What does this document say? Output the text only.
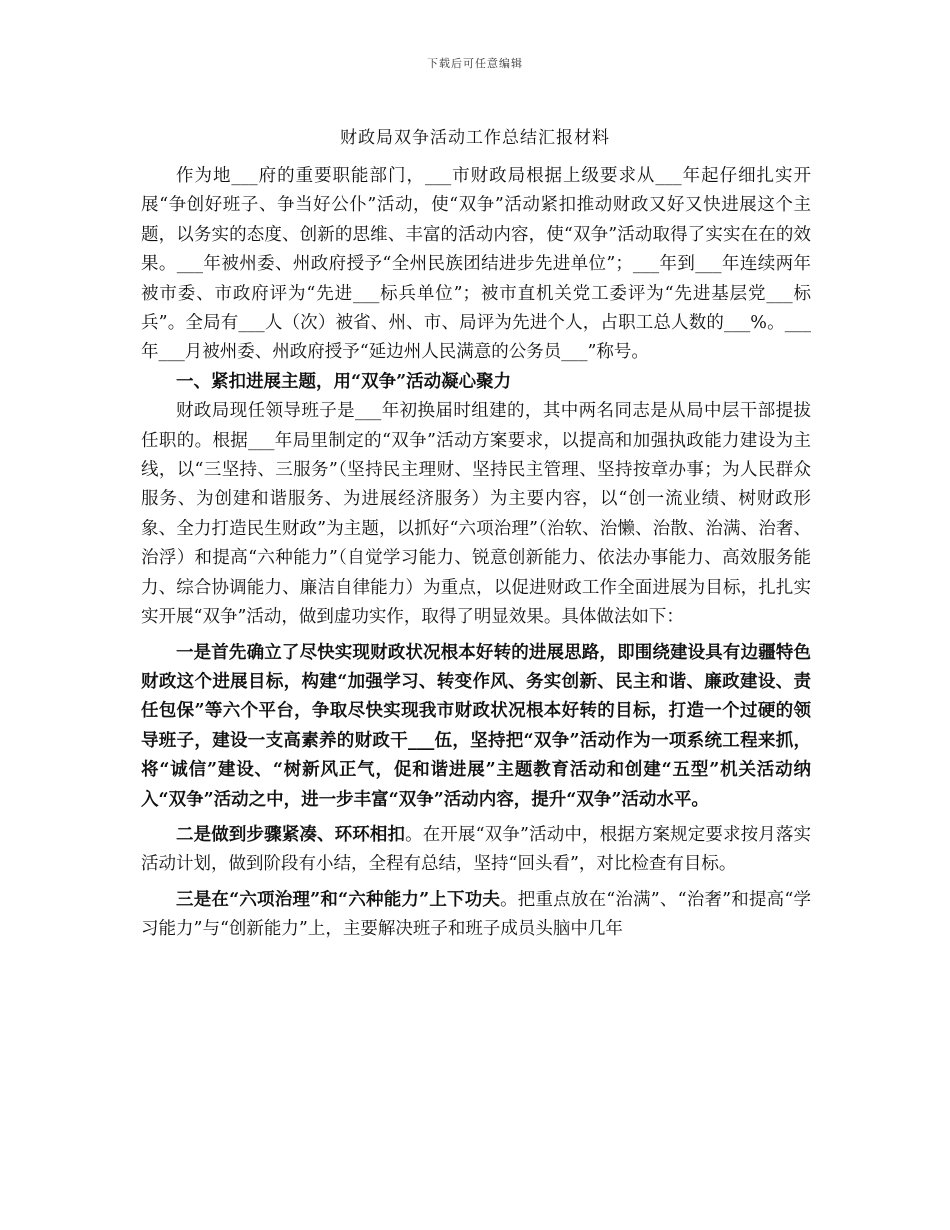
下载后可任意编辑
财政局双争活动工作总结汇报材料

作为地___府的重要职能部门，___市财政局根据上级要求从___年起仔细扎实开展“争创好班子、争当好公仆”活动，使“双争”活动紧扣推动财政又好又快进展这个主题，以务实的态度、创新的思维、丰富的活动内容，使“双争”活动取得了实实在在的效果。___年被州委、州政府授予“全州民族团结进步先进单位”；___年到___年连续两年被市委、市政府评为“先进___标兵单位”；被市直机关党工委评为“先进基层党___标兵”。全局有___人（次）被省、州、市、局评为先进个人，占职工总人数的___%。___年___月被州委、州政府授予“延边州人民满意的公务员___”称号。

一、紧扣进展主题，用“双争”活动凝心聚力

财政局现任领导班子是___年初换届时组建的，其中两名同志是从局中层干部提拔任职的。根据___年局里制定的“双争”活动方案要求，以提高和加强执政能力建设为主线，以“三坚持、三服务”（坚持民主理财、坚持民主管理、坚持按章办事；为人民群众服务、为创建和谐服务、为进展经济服务）为主要内容，以“创一流业绩、树财政形象、全力打造民生财政”为主题，以抓好“六项治理”（治软、治懒、治散、治满、治奢、治浮）和提高“六种能力”（自觉学习能力、锐意创新能力、依法办事能力、高效服务能力、综合协调能力、廉洁自律能力）为重点，以促进财政工作全面进展为目标，扎扎实实开展“双争”活动，做到虚功实作，取得了明显效果。具体做法如下：

一是首先确立了尽快实现财政状况根本好转的进展思路，即围绕建设具有边疆特色财政这个进展目标，构建“加强学习、转变作风、务实创新、民主和谐、廉政建设、责任包保”等六个平台，争取尽快实现我市财政状况根本好转的目标，打造一个过硬的领导班子，建设一支高素养的财政干___伍，坚持把“双争”活动作为一项系统工程来抓，将“诚信”建设、“树新风正气，促和谐进展”主题教育活动和创建“五型”机关活动纳入“双争”活动之中，进一步丰富“双争”活动内容，提升“双争”活动水平。

二是做到步骤紧凑、环环相扣。在开展“双争”活动中，根据方案规定要求按月落实活动计划，做到阶段有小结，全程有总结，坚持“回头看”，对比检查有目标。

三是在“六项治理”和“六种能力”上下功夫。把重点放在“治满”、“治奢”和提高“学习能力”与“创新能力”上，主要解决班子和班子成员头脑中几年
